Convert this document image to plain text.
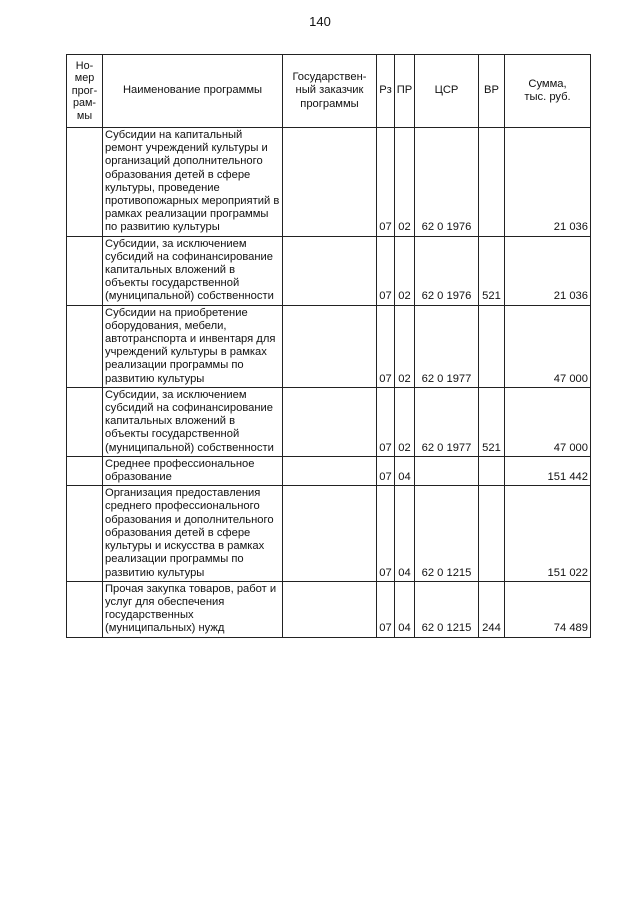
140
Но-
мер
прог-
рам-
мы	Наименование программы	Государствен-
ный заказчик
программы	Рз	ПР	ЦСР	ВР	Сумма,
тыс. руб.
	Субсидии на капитальный ремонт учреждений культуры и организаций дополнительного образования детей в сфере культуры, проведение противопожарных мероприятий в рамках реализации программы по развитию культуры		07	02	62 0 1976		21 036
	Субсидии, за исключением субсидий на софинансирование капитальных вложений в объекты государственной (муниципальной) собственности		07	02	62 0 1976	521	21 036
	Субсидии на приобретение оборудования, мебели, автотранспорта и инвентаря для учреждений культуры в рамках реализации программы по развитию культуры		07	02	62 0 1977		47 000
	Субсидии, за исключением субсидий на софинансирование капитальных вложений в объекты государственной (муниципальной) собственности		07	02	62 0 1977	521	47 000
	Среднее профессиональное образование		07	04			151 442
	Организация предоставления среднего профессионального образования и дополнительного образования детей в сфере культуры и искусства в рамках реализации программы по развитию культуры		07	04	62 0 1215		151 022
	Прочая закупка товаров, работ и услуг для обеспечения государственных (муниципальных) нужд		07	04	62 0 1215	244	74 489
